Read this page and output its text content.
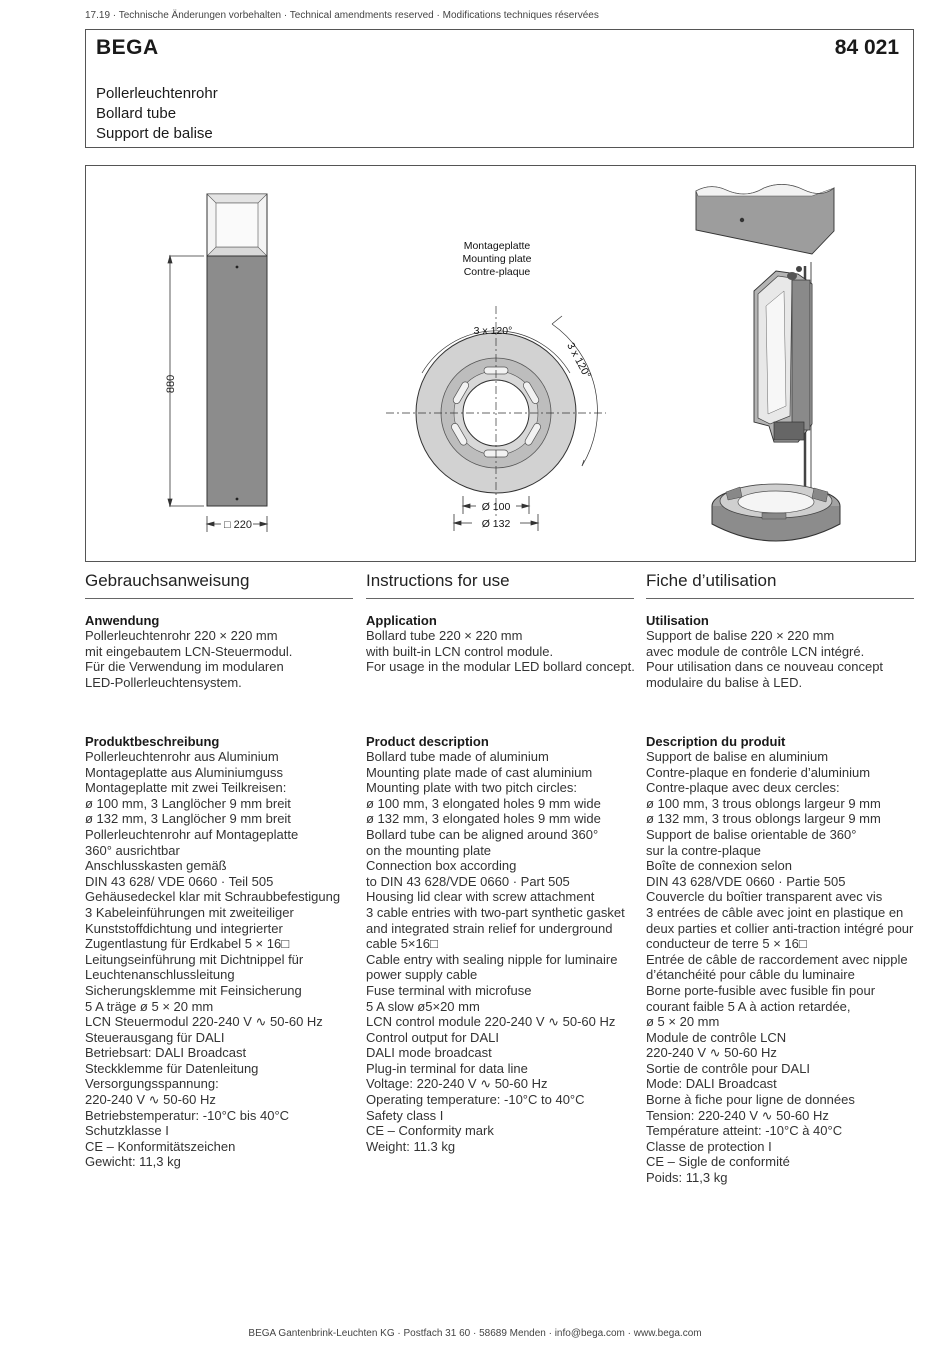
17.19 · Technische Änderungen vorbehalten · Technical amendments reserved · Modifications techniques réservées
BEGA	84 021
Pollerleuchtenrohr
Bollard tube
Support de balise
880
□ 220
Montageplatte
Mounting plate
Contre-plaque
3 x 120°
3 x 120°
Ø 100
Ø 132
Gebrauchsanweisung
Anwendung
Pollerleuchtenrohr 220 × 220 mm
mit eingebautem LCN-Steuermodul.
Für die Verwendung im modularen
LED-Pollerleuchtensystem.
Produktbeschreibung
Pollerleuchtenrohr aus Aluminium
Montageplatte aus Aluminiumguss
Montageplatte mit zwei Teilkreisen:
ø 100 mm, 3 Langlöcher 9 mm breit
ø 132 mm, 3 Langlöcher 9 mm breit
Pollerleuchtenrohr auf Montageplatte
360° ausrichtbar
Anschlusskasten gemäß
DIN 43 628/ VDE 0660 · Teil 505
Gehäusedeckel klar mit Schraubbefestigung
3 Kabeleinführungen mit zweiteiliger
Kunststoffdichtung und integrierter
Zugentlastung für Erdkabel 5 × 16□
Leitungseinführung mit Dichtnippel für
Leuchtenanschlussleitung
Sicherungsklemme mit Feinsicherung
5 A träge ø 5 × 20 mm
LCN Steuermodul 220-240 V ∿ 50-60 Hz
Steuerausgang für DALI
Betriebsart: DALI Broadcast
Steckklemme für Datenleitung
Versorgungsspannung:
220-240 V ∿ 50-60 Hz
Betriebstemperatur: -10°C bis 40°C
Schutzklasse I
CE – Konformitätszeichen
Gewicht: 11,3 kg
Instructions for use
Application
Bollard tube 220 × 220 mm
with built-in LCN control module.
For usage in the modular LED bollard concept.
Product description
Bollard tube made of aluminium
Mounting plate made of cast aluminium
Mounting plate with two pitch circles:
ø 100 mm, 3 elongated holes 9 mm wide
ø 132 mm, 3 elongated holes 9 mm wide
Bollard tube can be aligned around 360°
on the mounting plate
Connection box according
to DIN 43 628/VDE 0660 · Part 505
Housing lid clear with screw attachment
3 cable entries with two-part synthetic gasket
and integrated strain relief for underground
cable 5×16□
Cable entry with sealing nipple for luminaire
power supply cable
Fuse terminal with microfuse
5 A slow ø5×20 mm
LCN control module 220-240 V ∿ 50-60 Hz
Control output for DALI
DALI mode broadcast
Plug-in terminal for data line
Voltage: 220-240 V ∿ 50-60 Hz
Operating temperature: -10°C to 40°C
Safety class I
CE – Conformity mark
Weight: 11.3 kg
Fiche d’utilisation
Utilisation
Support de balise 220 × 220 mm
avec module de contrôle LCN intégré.
Pour utilisation dans ce nouveau concept
modulaire du balise à LED.
Description du produit
Support de balise en aluminium
Contre-plaque en fonderie d’aluminium
Contre-plaque avec deux cercles:
ø 100 mm, 3 trous oblongs largeur 9 mm
ø 132 mm, 3 trous oblongs largeur 9 mm
Support de balise orientable de 360°
sur la contre-plaque
Boîte de connexion selon
DIN 43 628/VDE 0660 · Partie 505
Couvercle du boîtier transparent avec vis
3 entrées de câble avec joint en plastique en
deux parties et collier anti-traction intégré pour
conducteur de terre 5 × 16□
Entrée de câble de raccordement avec nipple
d’étanchéité pour câble du luminaire
Borne porte-fusible avec fusible fin pour
courant faible 5 A à action retardée,
ø 5 × 20 mm
Module de contrôle LCN
220-240 V ∿ 50-60 Hz
Sortie de contrôle pour DALI
Mode: DALI Broadcast
Borne à fiche pour ligne de données
Tension: 220-240 V ∿ 50-60 Hz
Température atteint: -10°C à 40°C
Classe de protection I
CE – Sigle de conformité
Poids: 11,3 kg
BEGA Gantenbrink-Leuchten KG · Postfach 31 60 · 58689 Menden · info@bega.com · www.bega.com
